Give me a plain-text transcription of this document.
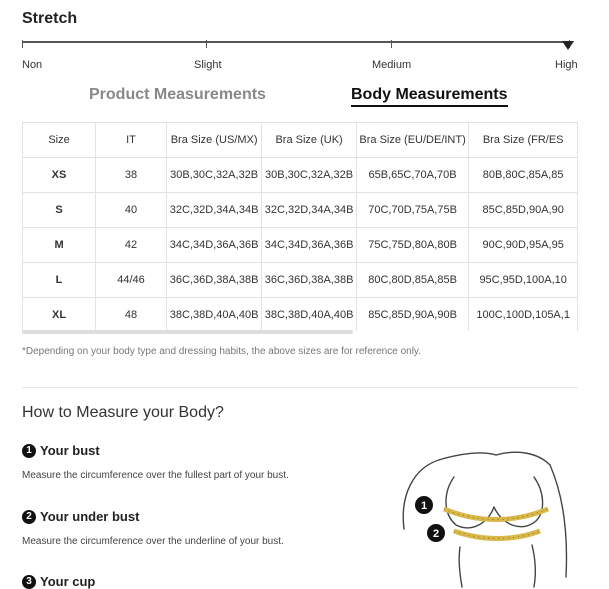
Stretch
Non	Slight	Medium	High
Product Measurements	Body Measurements
Size	IT	Bra Size (US/MX)	Bra Size (UK)	Bra Size (EU/DE/INT)	Bra Size (FR/ES
XS	38	30B,30C,32A,32B	30B,30C,32A,32B	65B,65C,70A,70B	80B,80C,85A,85
S	40	32C,32D,34A,34B	32C,32D,34A,34B	70C,70D,75A,75B	85C,85D,90A,90
M	42	34C,34D,36A,36B	34C,34D,36A,36B	75C,75D,80A,80B	90C,90D,95A,95
L	44/46	36C,36D,38A,38B	36C,36D,38A,38B	80C,80D,85A,85B	95C,95D,100A,10
XL	48	38C,38D,40A,40B	38C,38D,40A,40B	85C,85D,90A,90B	100C,100D,105A,1
*Depending on your body type and dressing habits, the above sizes are for reference only.
How to Measure your Body?
1 Your bust
Measure the circumference over the fullest part of your bust.
2 Your under bust
Measure the circumference over the underline of your bust.
3 Your cup
1
2
